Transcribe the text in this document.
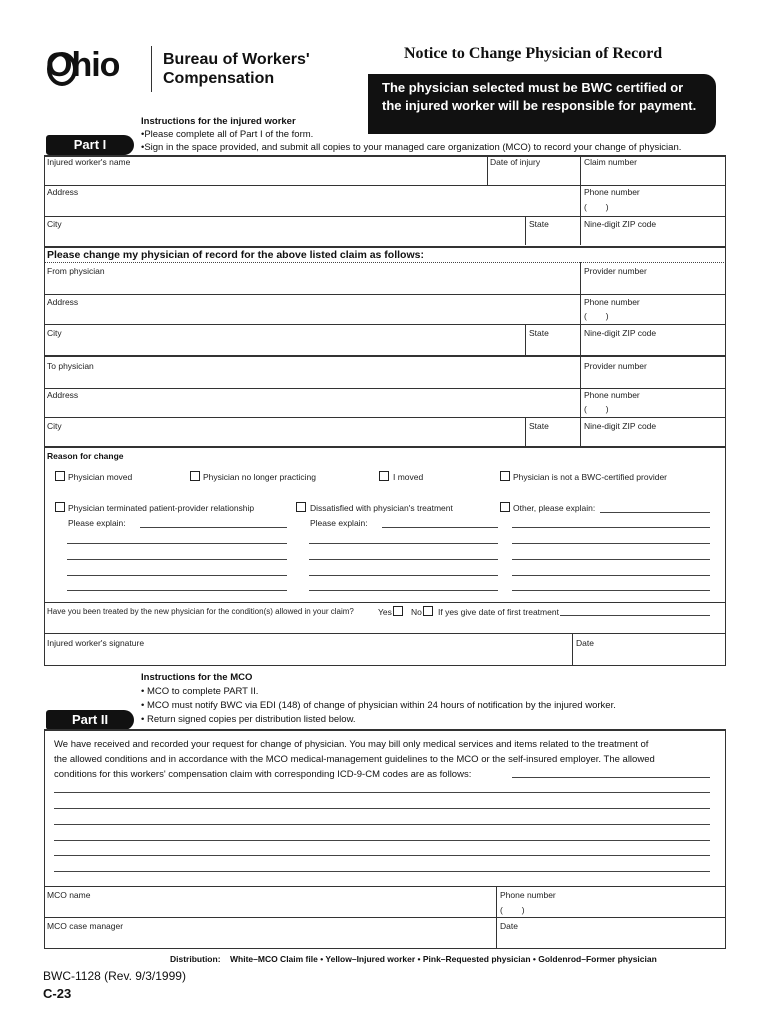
Ohio	Bureau of Workers'
Compensation
Notice to Change Physician of Record
The physician selected must be BWC certified or the injured worker will be responsible for payment.
Instructions for the injured worker
•Please complete all of Part I of the form.
•Sign in the space provided, and submit all copies to your managed care organization (MCO) to record your change of physician.
Part I
Injured worker's name	Date of injury	Claim number
Address	Phone number
(        )
City	State	Nine-digit ZIP code
Please change my physician of record for the above listed claim as follows:
From physician	Provider number
Address	Phone number
(        )
City	State	Nine-digit ZIP code
To physician	Provider number
Address	Phone number
(        )
City	State	Nine-digit ZIP code
Reason for change
Physician moved	Physician no longer practicing	I moved	Physician is not a BWC-certified provider
Physician terminated patient-provider relationship	Dissatisfied with physician's treatment	Other, please explain:
Please explain:	Please explain:
Have you been treated by the new physician for the condition(s) allowed in your claim?	Yes No If yes give date of first treatment
Injured worker's signature	Date
Instructions for the MCO
• MCO to complete PART II.
• MCO must notify BWC via EDI (148) of change of physician within 24 hours of notification by the injured worker.
• Return signed copies per distribution listed below.
Part II
We have received and recorded your request for change of physician. You may bill only medical services and items related to the treatment of
the allowed conditions and in accordance with the MCO medical-management guidelines to the MCO or the self-insured employer. The allowed
conditions for this workers' compensation claim with corresponding ICD-9-CM codes are as follows:
MCO name	Phone number
(        )
MCO case manager	Date
Distribution: White–MCO Claim file • Yellow–Injured worker • Pink–Requested physician • Goldenrod–Former physician
BWC-1128 (Rev. 9/3/1999)
C-23
